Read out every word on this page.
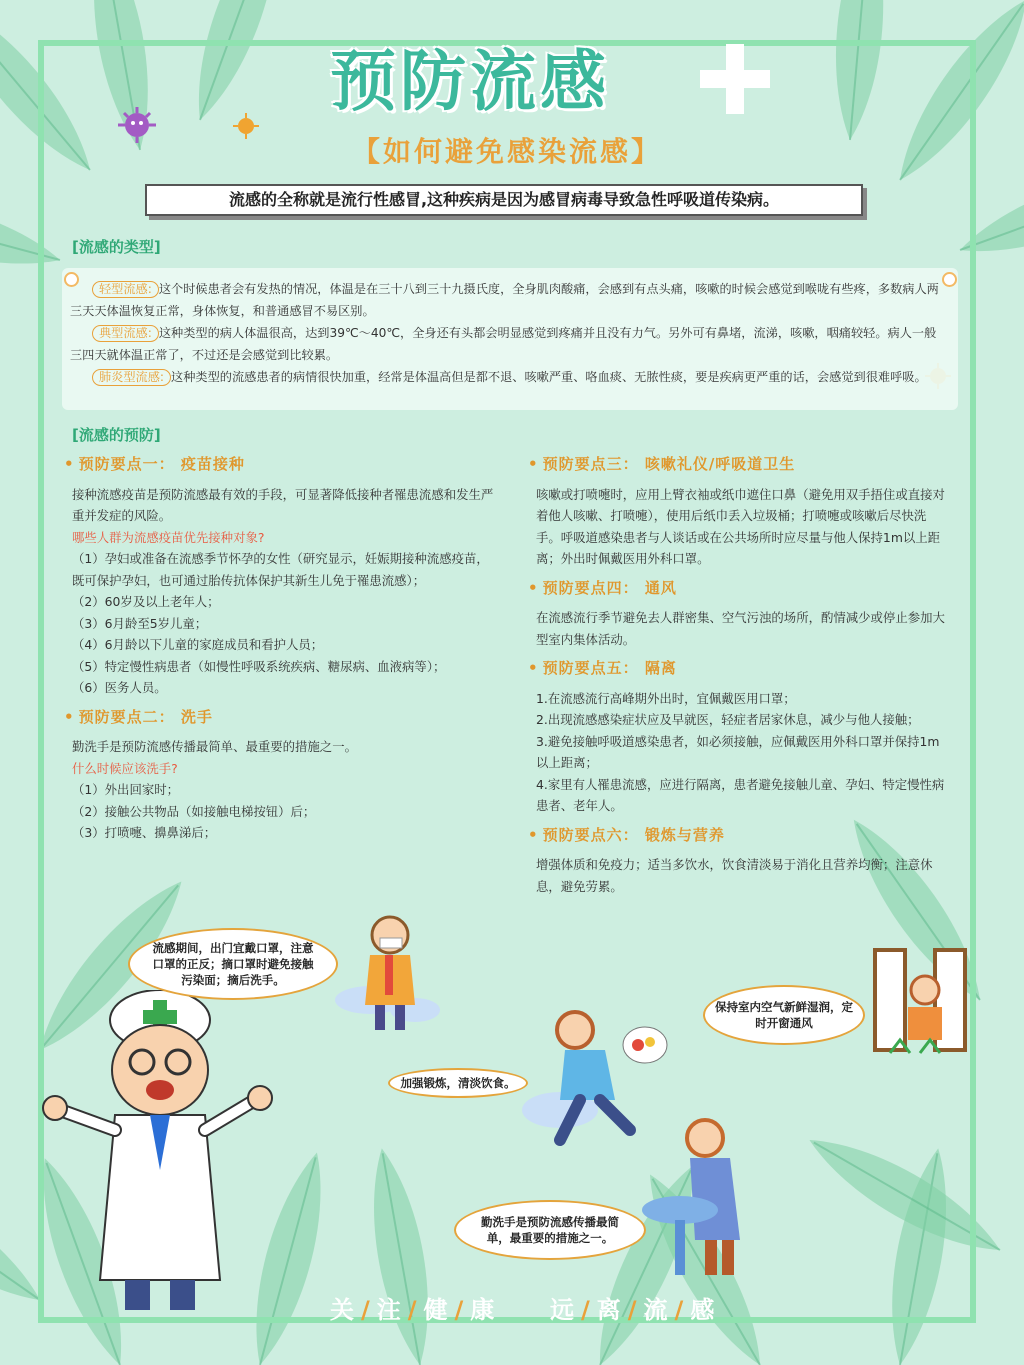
预防流感
【如何避免感染流感】
流感的全称就是流行性感冒,这种疾病是因为感冒病毒导致急性呼吸道传染病。
[流感的类型]
轻型流感: 这个时候患者会有发热的情况，体温是在三十八到三十九摄氏度，全身肌肉酸痛，会感到有点头痛，咳嗽的时候会感觉到喉咙有些疼，多数病人两三天天体温恢复正常，身体恢复，和普通感冒不易区别。
典型流感: 这种类型的病人体温很高，达到39℃～40℃，全身还有头都会明显感觉到疼痛并且没有力气。另外可有鼻堵，流涕，咳嗽，咽痛较轻。病人一般三四天就体温正常了，不过还是会感觉到比较累。
肺炎型流感: 这种类型的流感患者的病情很快加重，经常是体温高但是都不退、咳嗽严重、咯血痰、无脓性痰，要是疾病更严重的话，会感觉到很难呼吸。
[流感的预防]

• 预防要点一： 疫苗接种

接种流感疫苗是预防流感最有效的手段，可显著降低接种者罹患流感和发生严重并发症的风险。

哪些人群为流感疫苗优先接种对象?

（1）孕妇或准备在流感季节怀孕的女性（研究显示，妊娠期接种流感疫苗，既可保护孕妇，也可通过胎传抗体保护其新生儿免于罹患流感）；

（2）60岁及以上老年人；

（3）6月龄至5岁儿童；

（4）6月龄以下儿童的家庭成员和看护人员；

（5）特定慢性病患者（如慢性呼吸系统疾病、糖尿病、血液病等）；

（6）医务人员。

• 预防要点二： 洗手

勤洗手是预防流感传播最简单、最重要的措施之一。

什么时候应该洗手?

（1）外出回家时；

（2）接触公共物品（如接触电梯按钮）后；

（3）打喷嚏、擤鼻涕后；

• 预防要点三： 咳嗽礼仪/呼吸道卫生

咳嗽或打喷嚏时，应用上臂衣袖或纸巾遮住口鼻（避免用双手捂住或直接对着他人咳嗽、打喷嚏），使用后纸巾丢入垃圾桶；打喷嚏或咳嗽后尽快洗手。呼吸道感染患者与人谈话或在公共场所时应尽量与他人保持1m以上距离；外出时佩戴医用外科口罩。

• 预防要点四： 通风

在流感流行季节避免去人群密集、空气污浊的场所，酌情减少或停止参加大型室内集体活动。

• 预防要点五： 隔离

1.在流感流行高峰期外出时，宜佩戴医用口罩；

2.出现流感感染症状应及早就医，轻症者居家休息，减少与他人接触；

3.避免接触呼吸道感染患者，如必须接触，应佩戴医用外科口罩并保持1m以上距离；

4.家里有人罹患流感，应进行隔离，患者避免接触儿童、孕妇、特定慢性病患者、老年人。

• 预防要点六： 锻炼与营养

增强体质和免疫力；适当多饮水，饮食清淡易于消化且营养均衡；注意休息，避免劳累。

流感期间，出门宜戴口罩，注意口罩的正反；摘口罩时避免接触污染面；摘后洗手。
加强锻炼，清淡饮食。
保持室内空气新鲜湿润，定时开窗通风
勤洗手是预防流感传播最简单，最重要的措施之一。
关 / 注 / 健 / 康 远 / 离 / 流 / 感
